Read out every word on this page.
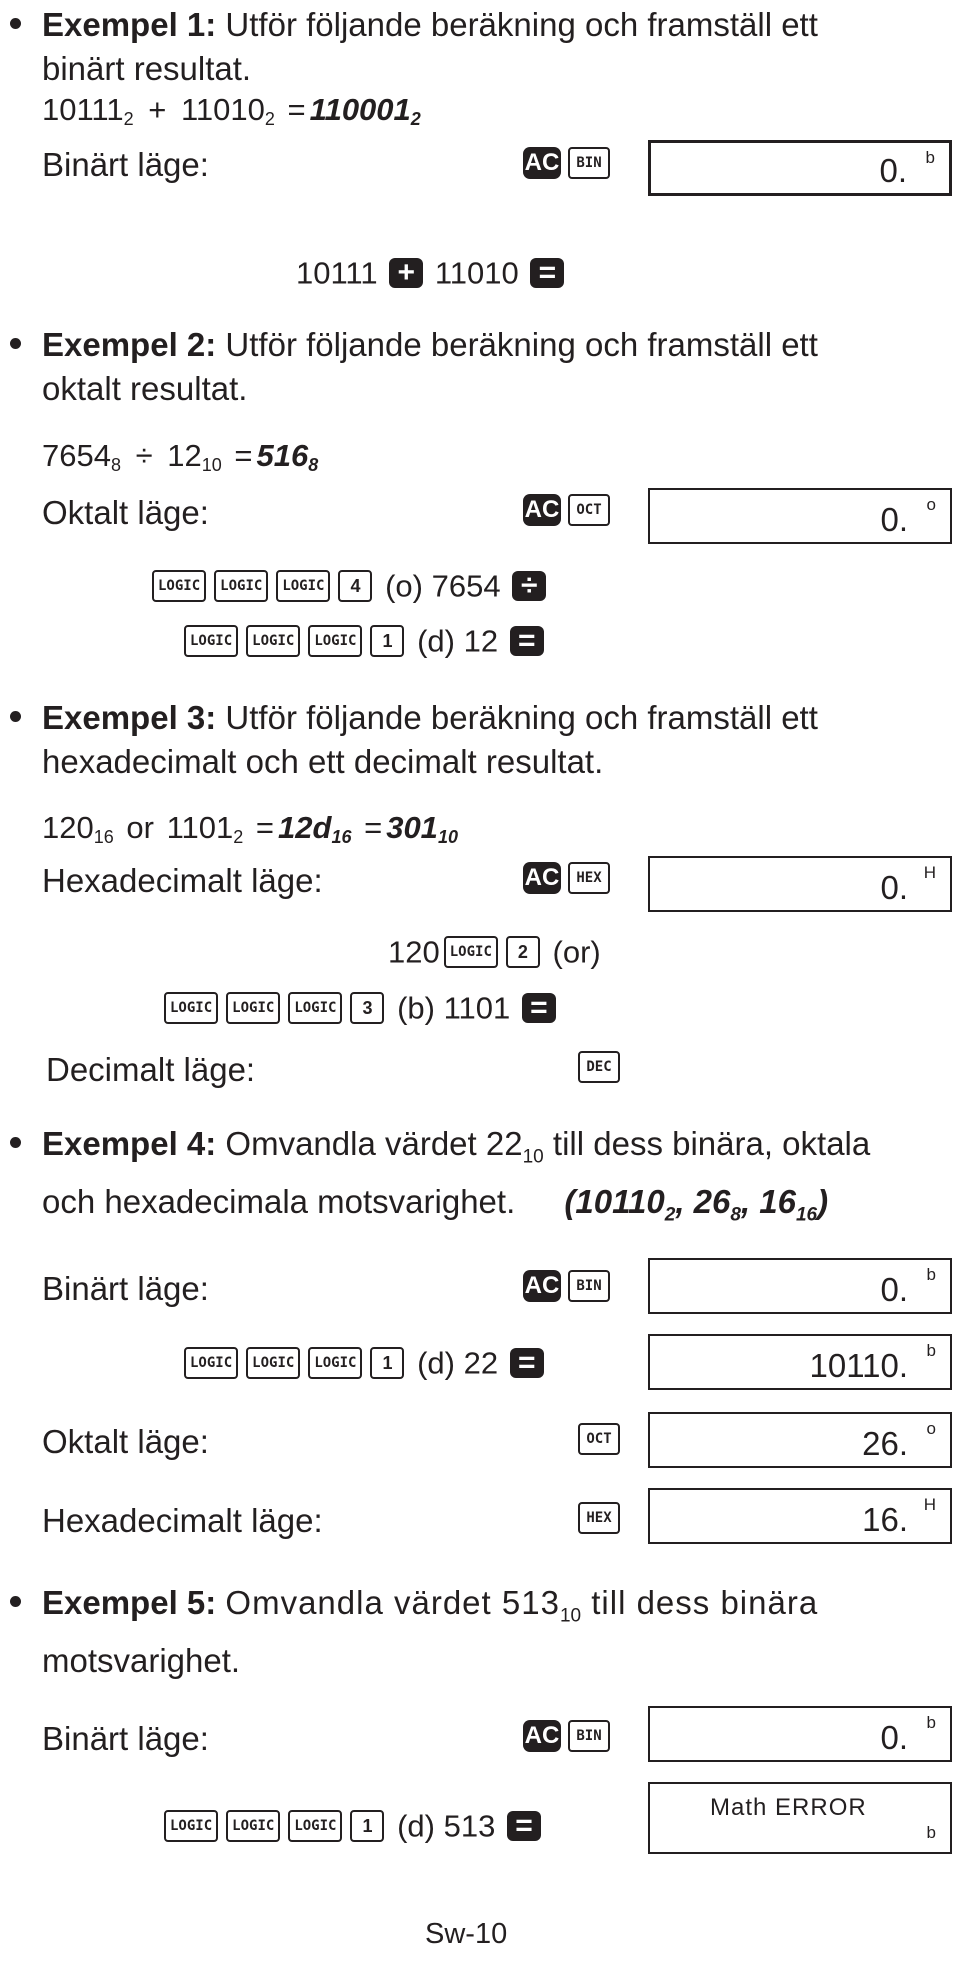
Exempel 1: Utför följande beräkning och framställ ett
binärt resultat.
$10111_2 + 11010_2 = 110001_2$
Binärt läge:	AC BIN	0. b
10111 + 11010 =
Exempel 2: Utför följande beräkning och framställ ett
oktalt resultat.
$7654_8 \div 12_{10} = 516_8$
Oktalt läge:	AC OCT	0. o
LOGIC LOGIC LOGIC 4 (o) 7654 ÷
LOGIC LOGIC LOGIC 1 (d) 12 =
Exempel 3: Utför följande beräkning och framställ ett
hexadecimalt och ett decimalt resultat.
$120_{16}$ or $1101_2 = 12d_{16} = 301_{10}$
Hexadecimalt läge:	AC HEX	0. H
120 LOGIC 2 (or)
LOGIC LOGIC LOGIC 3 (b) 1101 =
Decimalt läge:	DEC
Exempel 4: Omvandla värdet $22_{10}$ till dess binära, oktala
och hexadecimala motsvarighet. ($10110_2$, $26_8$, $16_{16}$)
Binärt läge:	AC BIN	0. b
LOGIC LOGIC LOGIC 1 (d) 22 =	10110. b
Oktalt läge:	OCT	26. o
Hexadecimalt läge:	HEX	16. H
Exempel 5: Omvandla värdet $513_{10}$ till dess binära
motsvarighet.
Binärt läge:	AC BIN	0. b
LOGIC LOGIC LOGIC 1 (d) 513 =
Math ERROR
b
Sw-10
